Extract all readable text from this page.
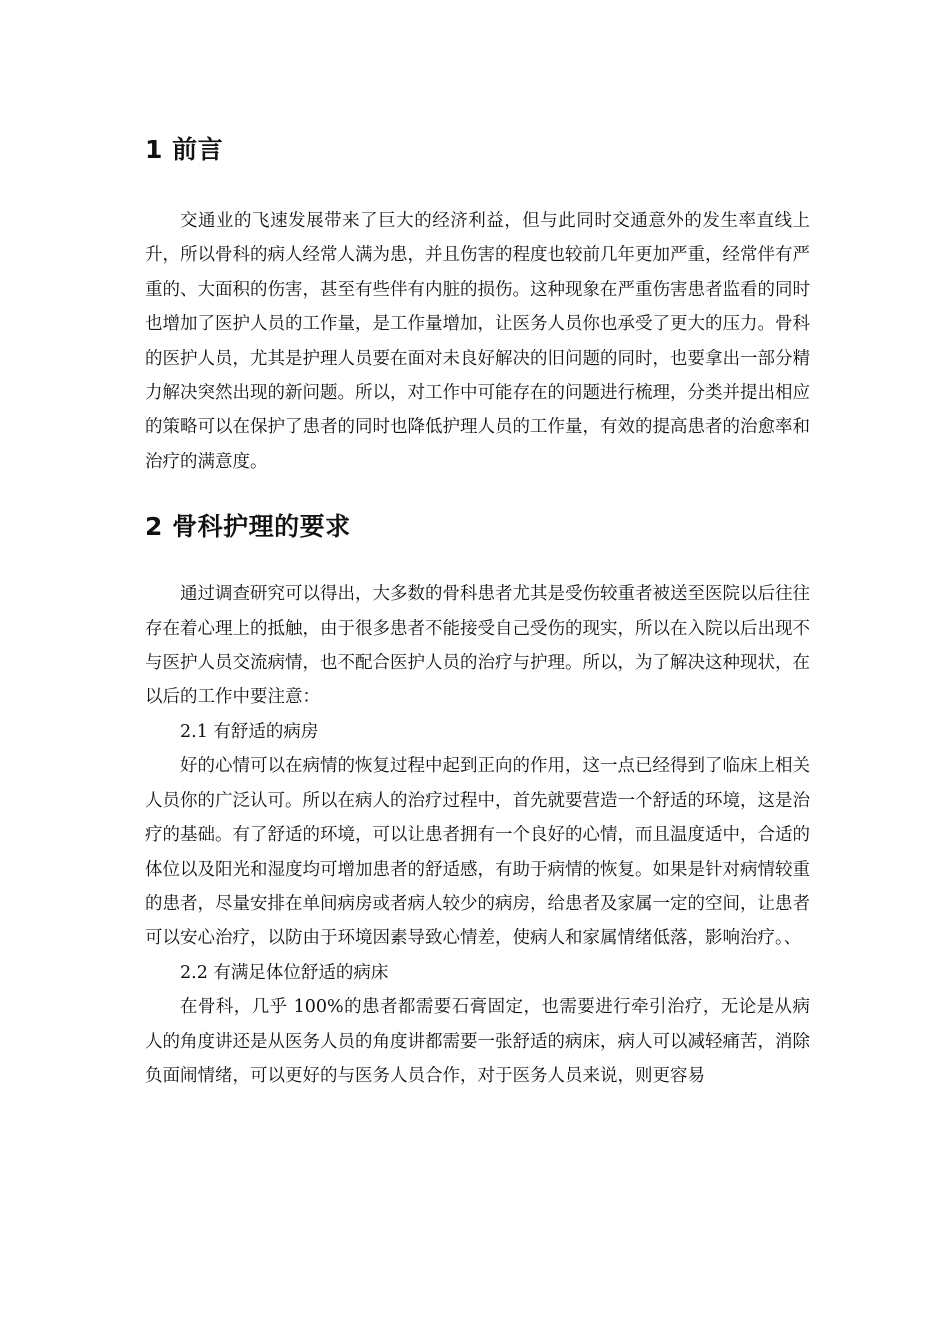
1 前言

交通业的飞速发展带来了巨大的经济利益，但与此同时交通意外的发生率直线上升，所以骨科的病人经常人满为患，并且伤害的程度也较前几年更加严重，经常伴有严重的、大面积的伤害，甚至有些伴有内脏的损伤。这种现象在严重伤害患者监看的同时也增加了医护人员的工作量，是工作量增加，让医务人员你也承受了更大的压力。骨科的医护人员，尤其是护理人员要在面对未良好解决的旧问题的同时，也要拿出一部分精力解决突然出现的新问题。所以，对工作中可能存在的问题进行梳理，分类并提出相应的策略可以在保护了患者的同时也降低护理人员的工作量，有效的提高患者的治愈率和治疗的满意度。

2 骨科护理的要求

通过调查研究可以得出，大多数的骨科患者尤其是受伤较重者被送至医院以后往往存在着心理上的抵触，由于很多患者不能接受自己受伤的现实，所以在入院以后出现不与医护人员交流病情，也不配合医护人员的治疗与护理。所以，为了解决这种现状，在以后的工作中要注意：

2.1 有舒适的病房

好的心情可以在病情的恢复过程中起到正向的作用，这一点已经得到了临床上相关人员你的广泛认可。所以在病人的治疗过程中，首先就要营造一个舒适的环境，这是治疗的基础。有了舒适的环境，可以让患者拥有一个良好的心情，而且温度适中，合适的体位以及阳光和湿度均可增加患者的舒适感，有助于病情的恢复。如果是针对病情较重的患者，尽量安排在单间病房或者病人较少的病房，给患者及家属一定的空间，让患者可以安心治疗，以防由于环境因素导致心情差，使病人和家属情绪低落，影响治疗。、

2.2 有满足体位舒适的病床

在骨科，几乎 100%的患者都需要石膏固定，也需要进行牵引治疗，无论是从病人的角度讲还是从医务人员的角度讲都需要一张舒适的病床，病人可以减轻痛苦，消除负面闹情绪，可以更好的与医务人员合作，对于医务人员来说，则更容易
